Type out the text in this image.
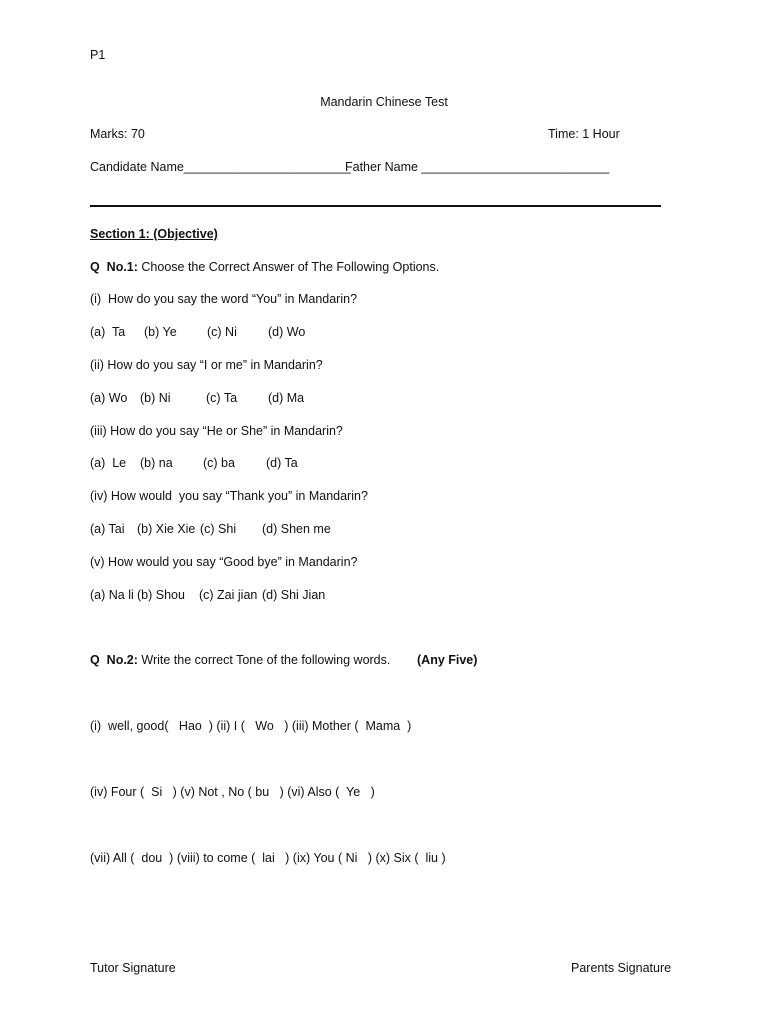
P1
Mandarin Chinese Test
Marks: 70	Time: 1 Hour
Candidate Name________________________
Father Name ___________________________
Section 1: (Objective)
Q  No.1: Choose the Correct Answer of The Following Options.
(i)  How do you say the word “You” in Mandarin?
(a)  Ta (b) Ye (c) Ni (d) Wo
(ii) How do you say “I or me” in Mandarin?
(a) Wo (b) Ni	(c) Ta (d) Ma
(iii) How do you say “He or She” in Mandarin?
(a)  Le (b) na (c) ba (d) Ta
(iv) How would  you say “Thank you” in Mandarin?
(a) Tai (b) Xie Xie (c) Shi (d) Shen me
(v) How would you say “Good bye” in Mandarin?
(a) Na li (b) Shou (c) Zai jian (d) Shi Jian
Q  No.2: Write the correct Tone of the following words. (Any Five)
(i)  well, good(   Hao  ) (ii) I (   Wo   ) (iii) Mother (  Mama  )
(iv) Four (  Si   ) (v) Not , No ( bu   ) (vi) Also (  Ye   )
(vii) All (  dou  ) (viii) to come (  lai   ) (ix) You ( Ni   ) (x) Six (  liu )
Tutor Signature	Parents Signature
